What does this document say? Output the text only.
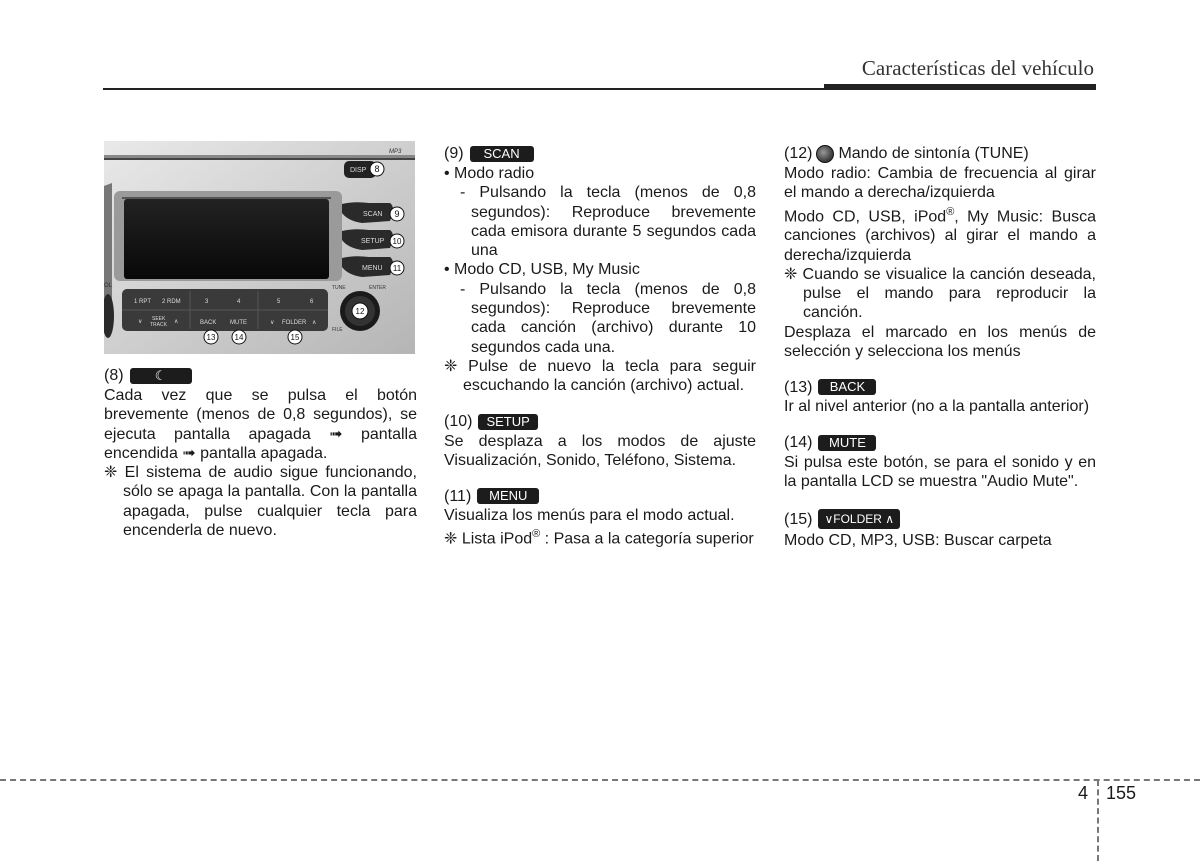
Características del vehículo
MP3
DISP
SCAN
SETUP
MENU
1 RPT 2 RDM	3	4	5	6
∨ SEEK
TRACK ∧	BACK MUTE	∨ FOLDER ∧
TUNE	ENTER
FILE
OL
8
9
10
11
12
13 14	15
(8)	☾

Cada vez que se pulsa el botón brevemente (menos de 0,8 segundos), se ejecuta pantalla apagada ➟ pantalla encendida ➟ pantalla apagada.

❈ El sistema de audio sigue funcionando, sólo se apaga la pantalla. Con la pantalla apagada, pulse cualquier tecla para encenderla de nuevo.

(9)	SCAN

• Modo radio

- Pulsando la tecla (menos de 0,8 segundos): Reproduce brevemente cada emisora durante 5 segundos cada una

• Modo CD, USB, My Music

- Pulsando la tecla (menos de 0,8 segundos): Reproduce brevemente cada canción (archivo) durante 10 segundos cada una.

❈ Pulse de nuevo la tecla para seguir escuchando la canción (archivo) actual.

(10)	SETUP

Se desplaza a los modos de ajuste Visualización, Sonido, Teléfono, Sistema.

(11)	MENU

Visualiza los menús para el modo actual.

❈ Lista iPod® : Pasa a la categoría superior

(12) Mando de sintonía (TUNE)

Modo radio: Cambia de frecuencia al girar el mando a derecha/izquierda

Modo CD, USB, iPod®, My Music: Busca canciones (archivos) al girar el mando a derecha/izquierda

❈ Cuando se visualice la canción deseada, pulse el mando para reproducir la canción.

Desplaza el marcado en los menús de selección y selecciona los menús

(13)	BACK

Ir al nivel anterior (no a la pantalla anterior)

(14)	MUTE

Si pulsa este botón, se para el sonido y en la pantalla LCD se muestra "Audio Mute".

(15)	∨FOLDER ∧

Modo CD, MP3, USB: Buscar carpeta

4 155
